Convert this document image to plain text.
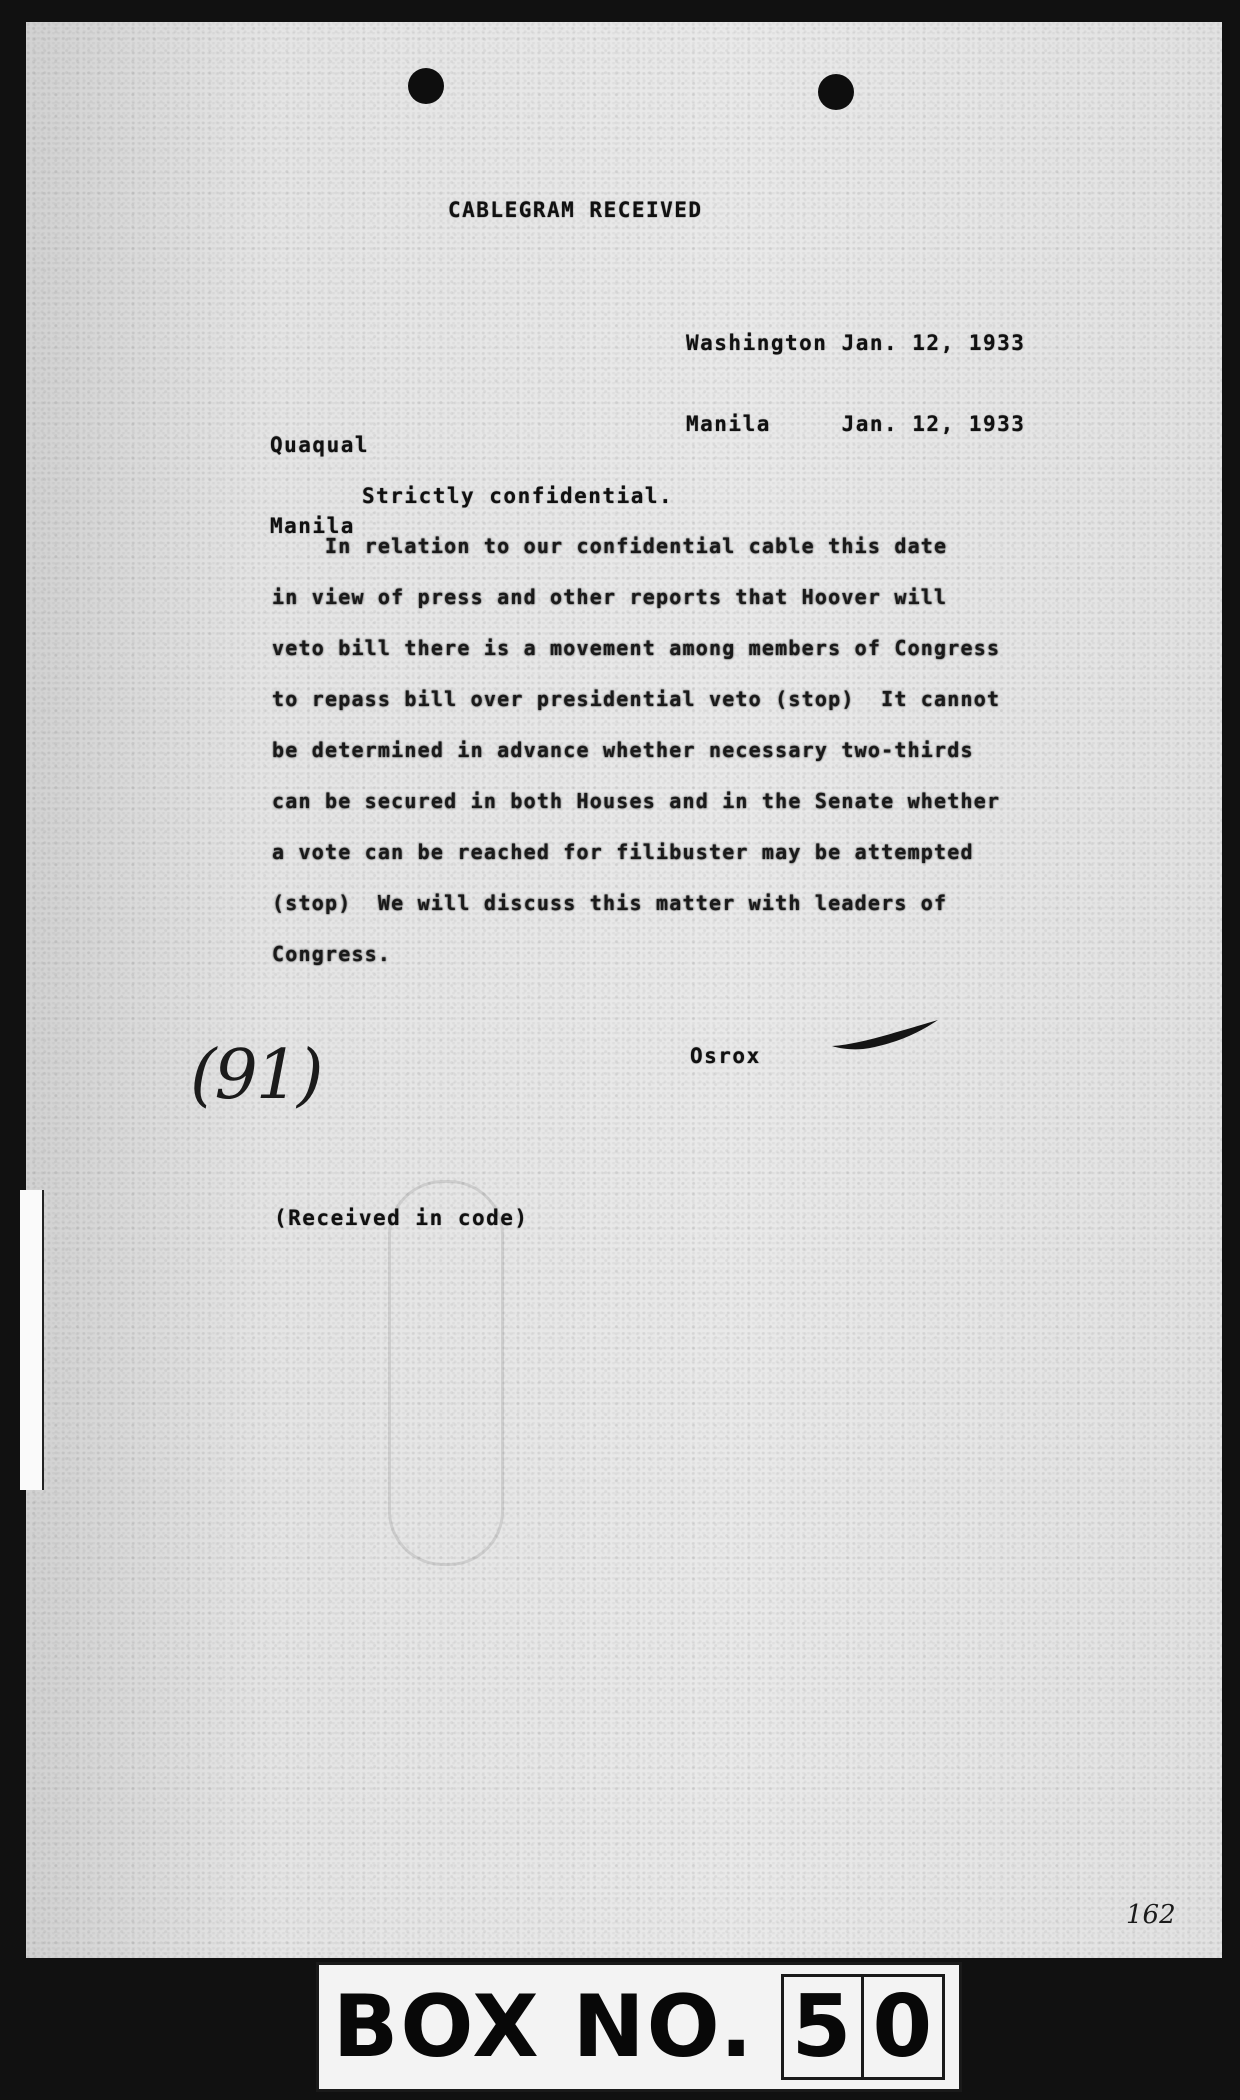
CABLEGRAM RECEIVED

Washington Jan. 12, 1933

Manila     Jan. 12, 1933

Quaqual

Manila

Strictly confidential.
In relation to our confidential cable this date
in view of press and other reports that Hoover will
veto bill there is a movement among members of Congress
to repass bill over presidential veto (stop)  It cannot
be determined in advance whether necessary two-thirds
can be secured in both Houses and in the Senate whether
a vote can be reached for filibuster may be attempted
(stop)  We will discuss this matter with leaders of
Congress.
Osrox
(91)
(Received in code)
162
BOX NO. 5 0
